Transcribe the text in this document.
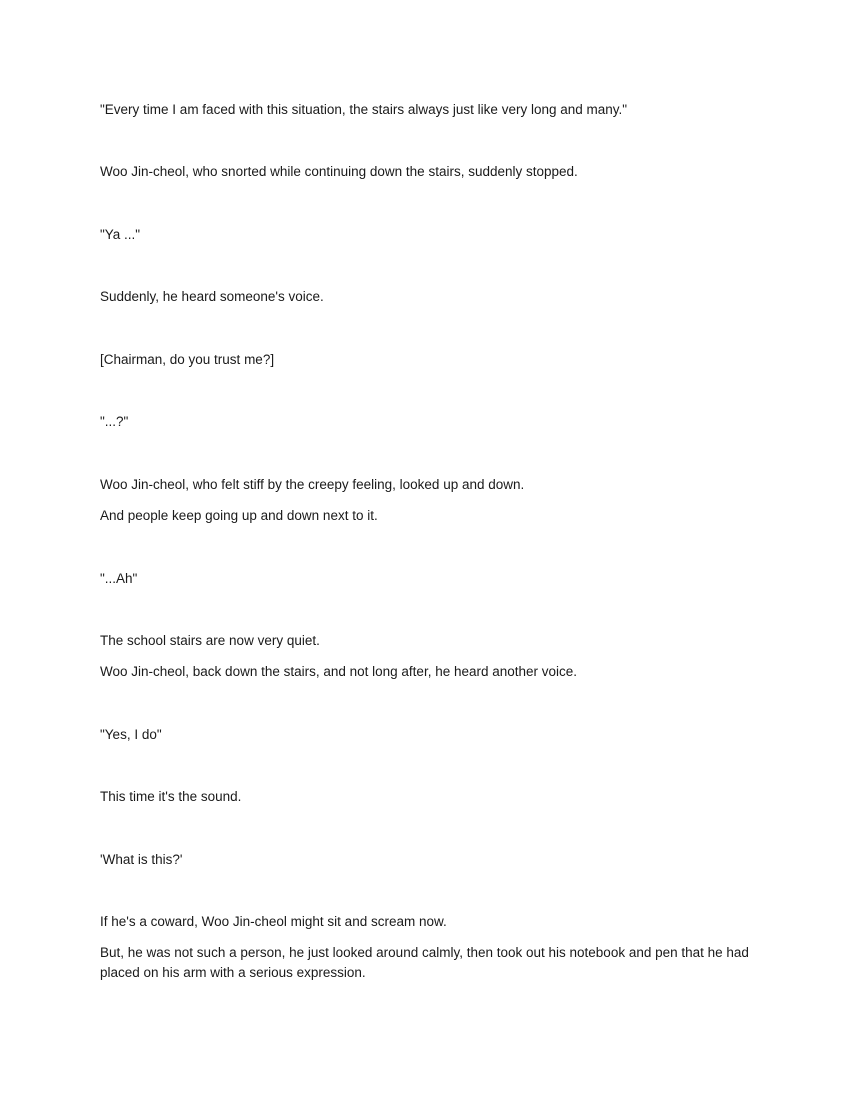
"Every time I am faced with this situation, the stairs always just like very long and many."

Woo Jin-cheol, who snorted while continuing down the stairs, suddenly stopped.

"Ya ..."

Suddenly, he heard someone's voice.

[Chairman, do you trust me?]

"...?"

Woo Jin-cheol, who felt stiff by the creepy feeling, looked up and down.

And people keep going up and down next to it.

"...Ah"

The school stairs are now very quiet.

Woo Jin-cheol, back down the stairs, and not long after, he heard another voice.

"Yes, I do"

This time it's the sound.

'What is this?'

If he's a coward, Woo Jin-cheol might sit and scream now.

But, he was not such a person, he just looked around calmly, then took out his notebook and pen that he had placed on his arm with a serious expression.
